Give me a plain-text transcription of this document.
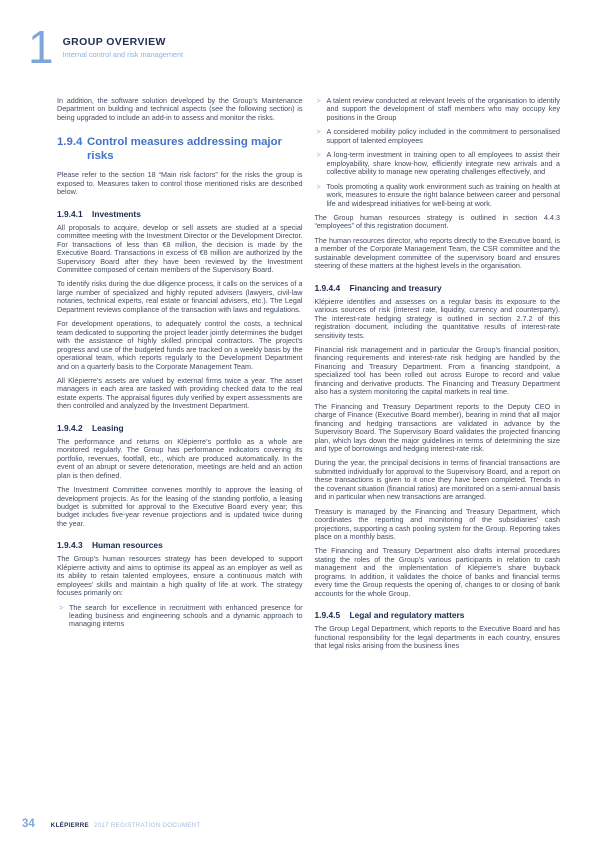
1 GROUP OVERVIEW
Internal control and risk management

In addition, the software solution developed by the Group’s Maintenance Department on building and technical aspects (see the following section) is being upgraded to include an add-in to assess and monitor the risks.

1.9.4 Control measures addressing major risks

Please refer to the section 18 “Main risk factors” for the risks the group is exposed to. Measures taken to control those mentioned risks are described below.

1.9.4.1	Investments

All proposals to acquire, develop or sell assets are studied at a special committee meeting with the Investment Director or the Development Director. For transactions of less than €8 million, the decision is made by the Executive Board. Transactions in excess of €8 million are authorized by the Supervisory Board after they have been reviewed by the Investment Committee composed of certain members of the Supervisory Board.

To identify risks during the due diligence process, it calls on the services of a large number of specialized and highly reputed advisers (lawyers, civil-law notaries, technical experts, real estate or financial advisers, etc.). The Legal Department reviews compliance of the transaction with laws and regulations.

For development operations, to adequately control the costs, a technical team dedicated to supporting the project leader jointly determines the budget with the assistance of highly skilled principal contractors. The project’s progress and use of the budgeted funds are tracked on a weekly basis by the operational team, which reports regularly to the Development Department and on a quarterly basis to the Corporate Management Team.

All Klépierre’s assets are valued by external firms twice a year. The asset managers in each area are tasked with providing checked data to the real estate experts. The appraisal figures duly verified by expert assessments are then controlled and analyzed by the Investment Department.

1.9.4.2	Leasing

The performance and returns on Klépierre’s portfolio as a whole are monitored regularly. The Group has performance indicators covering its portfolio, revenues, footfall, etc., which are produced automatically. In the event of an abrupt or severe deterioration, meetings are held and an action plan is then defined.

The Investment Committee convenes monthly to approve the leasing of development projects. As for the leasing of the standing portfolio, a leasing budget is submitted for approval to the Executive Board every year; this budget includes five-year revenue projections and is updated twice during the year.

1.9.4.3	Human resources

The Group’s human resources strategy has been developed to support Klépierre activity and aims to optimise its appeal as an employer as well as its ability to retain talented employees, ensure a continuous match with employees’ skills and maintain a high quality of life at work. The strategy focuses primarily on:

> The search for excellence in recruitment with enhanced presence for leading business and engineering schools and a dynamic approach to managing interns

> A talent review conducted at relevant levels of the organisation to identify and support the development of staff members who may occupy key positions in the Group

> A considered mobility policy included in the commitment to personalised support of talented employees

> A long-term investment in training open to all employees to assist their employability, share know-how, efficiently integrate new arrivals and a collective ability to manage new operating challenges effectively, and

> Tools promoting a quality work environment such as training on health at work, measures to ensure the right balance between career and personal life and widespread initiatives for well-being at work.

The Group human resources strategy is outlined in section 4.4.3 “employees” of this registration document.

The human resources director, who reports directly to the Executive board, is a member of the Corporate Management Team, the CSR committee and the sustainable development committee of the supervisory board and ensures steering of these matters at the highest levels in the organisation.

1.9.4.4	Financing and treasury

Klépierre identifies and assesses on a regular basis its exposure to the various sources of risk (interest rate, liquidity, currency and counterparty). The interest-rate hedging strategy is outlined in section 2.7.2 of this registration document, including the quantitative results of interest-rate sensitivity tests.

Financial risk management and in particular the Group’s financial position, financing requirements and interest-rate risk hedging are handled by the Financing and Treasury Department. From a financing standpoint, a specialized tool has been rolled out across Europe to record and value financing and derivative products. The Financing and Treasury Department also has a system monitoring the capital markets in real time.

The Financing and Treasury Department reports to the Deputy CEO in charge of Finance (Executive Board member), bearing in mind that all major financing and hedging transactions are validated in advance by the Supervisory Board. The Supervisory Board validates the projected financing plan, which lays down the major guidelines in terms of determining the size and type of borrowings and hedging interest-rate risk.

During the year, the principal decisions in terms of financial transactions are submitted individually for approval to the Supervisory Board, and a report on these transactions is given to it once they have been completed. Trends in the covenant situation (financial ratios) are monitored on a semi-annual basis and in particular when new transactions are arranged.

Treasury is managed by the Financing and Treasury Department, which coordinates the reporting and monitoring of the subsidiaries’ cash projections, supporting a cash pooling system for the Group. Reporting takes place on a monthly basis.

The Financing and Treasury Department also drafts internal procedures stating the roles of the Group’s various participants in relation to cash management and the implementation of Klépierre’s share buyback programs. In addition, it validates the choice of banks and financial terms every time the Group requests the opening of, changes to or closing of bank accounts for the whole Group.

1.9.4.5	Legal and regulatory matters

The Group Legal Department, which reports to the Executive Board and has functional responsibility for the legal departments in each country, ensures that legal risks arising from the business lines

34	KLÉPIERRE 2017 REGISTRATION DOCUMENT
